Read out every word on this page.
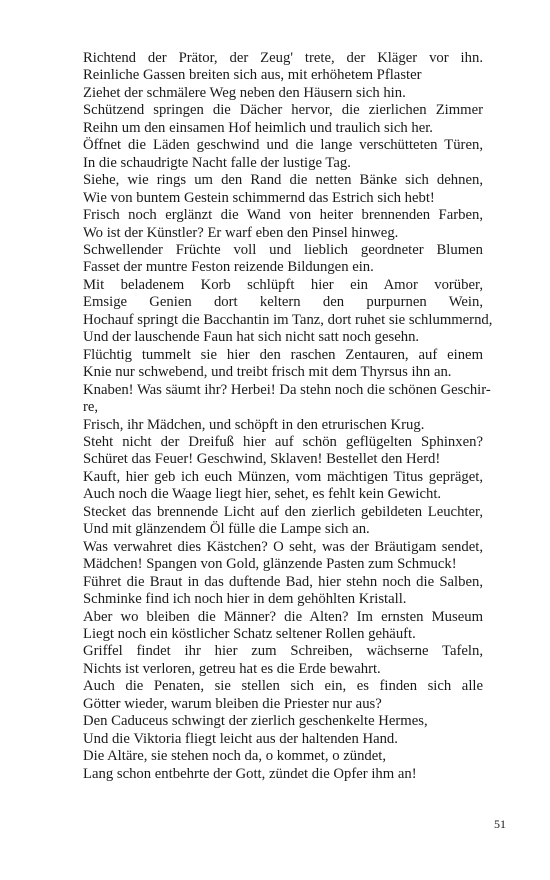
Richtend der Prätor, der Zeug' trete, der Kläger vor ihn.
Reinliche Gassen breiten sich aus, mit erhöhetem Pflaster
Ziehet der schmälere Weg neben den Häusern sich hin.
Schützend springen die Dächer hervor, die zierlichen Zimmer
Reihn um den einsamen Hof heimlich und traulich sich her.
Öffnet die Läden geschwind und die lange verschütteten Türen,
In die schaudrigte Nacht falle der lustige Tag.
Siehe, wie rings um den Rand die netten Bänke sich dehnen,
Wie von buntem Gestein schimmernd das Estrich sich hebt!
Frisch noch erglänzt die Wand von heiter brennenden Farben,
Wo ist der Künstler? Er warf eben den Pinsel hinweg.
Schwellender Früchte voll und lieblich geordneter Blumen
Fasset der muntre Feston reizende Bildungen ein.
Mit beladenem Korb schlüpft hier ein Amor vorüber,
Emsige Genien dort keltern den purpurnen Wein,
Hochauf springt die Bacchantin im Tanz, dort ruhet sie schlummernd,
Und der lauschende Faun hat sich nicht satt noch gesehn.
Flüchtig tummelt sie hier den raschen Zentauren, auf einem
Knie nur schwebend, und treibt frisch mit dem Thyrsus ihn an.
Knaben! Was säumt ihr? Herbei! Da stehn noch die schönen Geschir-
re,
Frisch, ihr Mädchen, und schöpft in den etrurischen Krug.
Steht nicht der Dreifuß hier auf schön geflügelten Sphinxen?
Schüret das Feuer! Geschwind, Sklaven! Bestellet den Herd!
Kauft, hier geb ich euch Münzen, vom mächtigen Titus gepräget,
Auch noch die Waage liegt hier, sehet, es fehlt kein Gewicht.
Stecket das brennende Licht auf den zierlich gebildeten Leuchter,
Und mit glänzendem Öl fülle die Lampe sich an.
Was verwahret dies Kästchen? O seht, was der Bräutigam sendet,
Mädchen! Spangen von Gold, glänzende Pasten zum Schmuck!
Führet die Braut in das duftende Bad, hier stehn noch die Salben,
Schminke find ich noch hier in dem gehöhlten Kristall.
Aber wo bleiben die Männer? die Alten? Im ernsten Museum
Liegt noch ein köstlicher Schatz seltener Rollen gehäuft.
Griffel findet ihr hier zum Schreiben, wächserne Tafeln,
Nichts ist verloren, getreu hat es die Erde bewahrt.
Auch die Penaten, sie stellen sich ein, es finden sich alle
Götter wieder, warum bleiben die Priester nur aus?
Den Caduceus schwingt der zierlich geschenkelte Hermes,
Und die Viktoria fliegt leicht aus der haltenden Hand.
Die Altäre, sie stehen noch da, o kommet, o zündet,
Lang schon entbehrte der Gott, zündet die Opfer ihm an!
51
